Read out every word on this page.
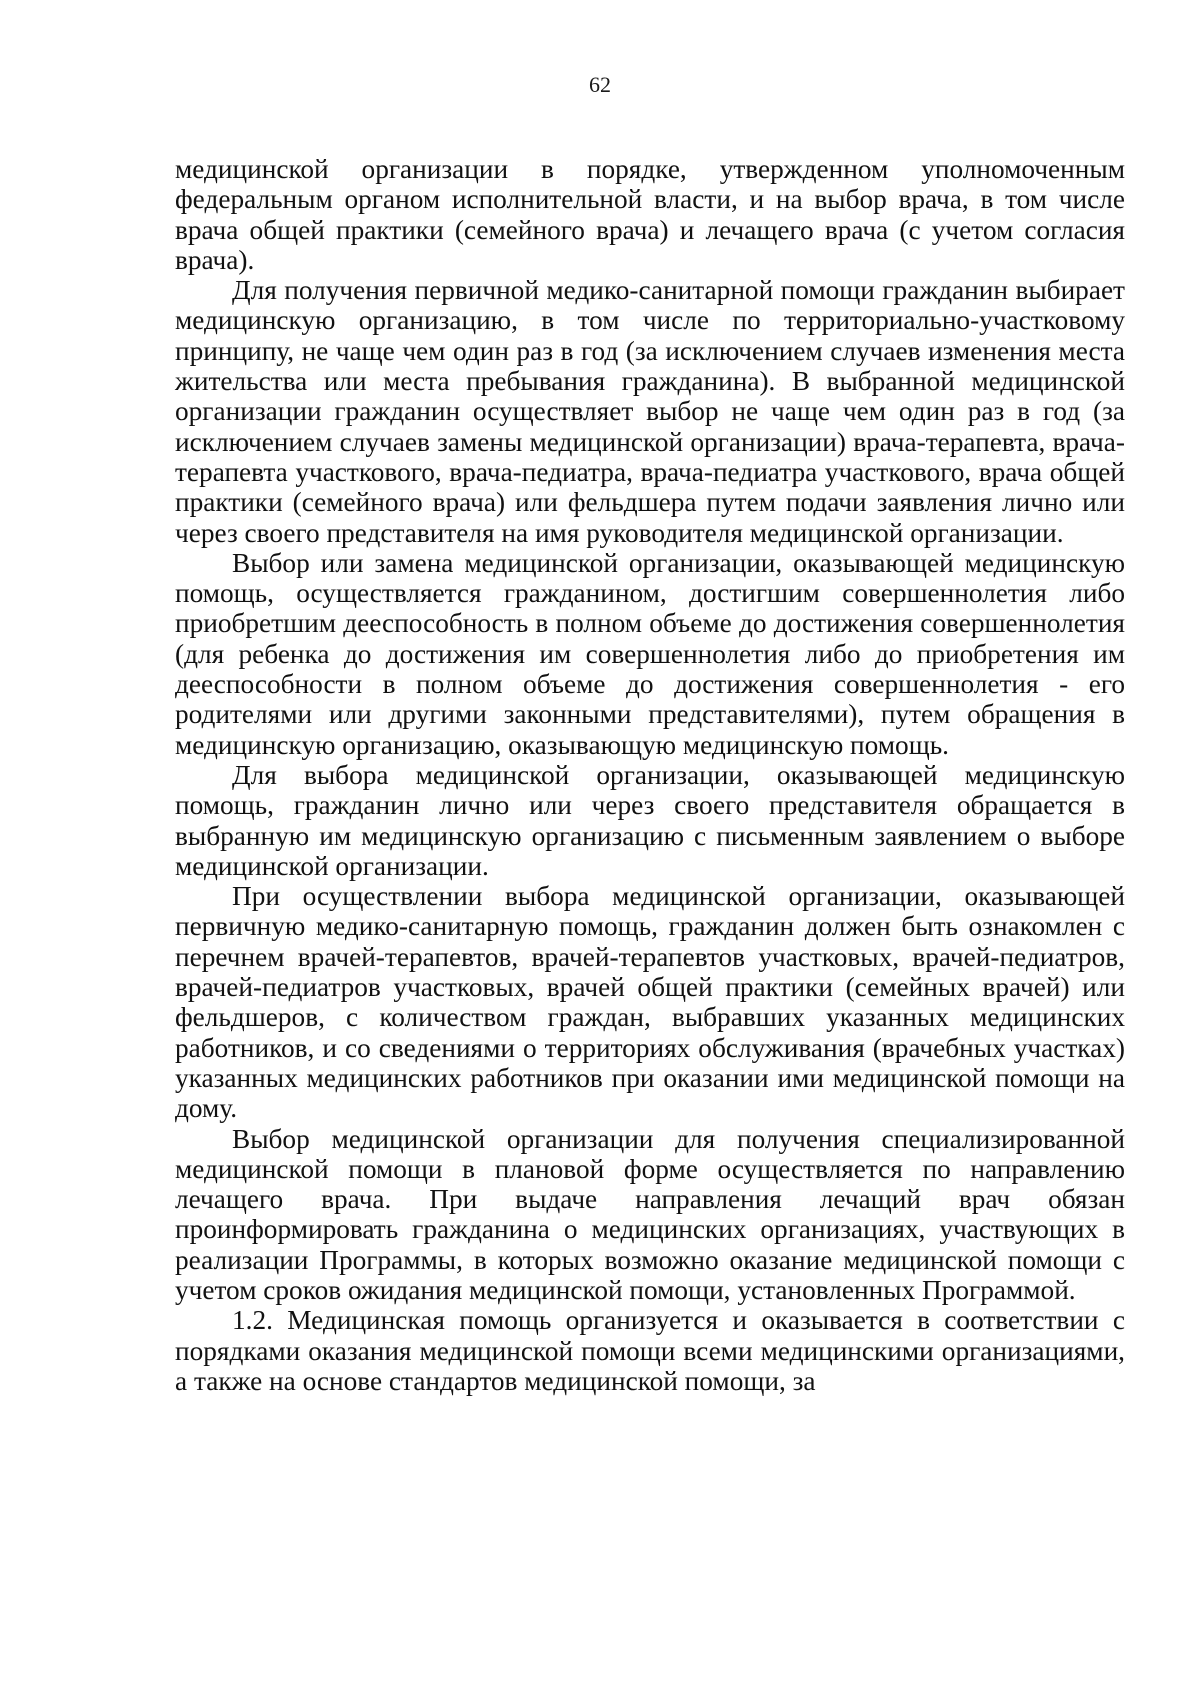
62

медицинской организации в порядке, утвержденном уполномоченным федеральным органом исполнительной власти, и на выбор врача, в том числе врача общей практики (семейного врача) и лечащего врача (с учетом согласия врача).

Для получения первичной медико-санитарной помощи гражданин выбирает медицинскую организацию, в том числе по территориально-участковому принципу, не чаще чем один раз в год (за исключением случаев изменения места жительства или места пребывания гражданина). В выбранной медицинской организации гражданин осуществляет выбор не чаще чем один раз в год (за исключением случаев замены медицинской организации) врача-терапевта, врача-терапевта участкового, врача-педиатра, врача-педиатра участкового, врача общей практики (семейного врача) или фельдшера путем подачи заявления лично или через своего представителя на имя руководителя медицинской организации.

Выбор или замена медицинской организации, оказывающей медицинскую помощь, осуществляется гражданином, достигшим совершеннолетия либо приобретшим дееспособность в полном объеме до достижения совершеннолетия (для ребенка до достижения им совершеннолетия либо до приобретения им дееспособности в полном объеме до достижения совершеннолетия - его родителями или другими законными представителями), путем обращения в медицинскую организацию, оказывающую медицинскую помощь.

Для выбора медицинской организации, оказывающей медицинскую помощь, гражданин лично или через своего представителя обращается в выбранную им медицинскую организацию с письменным заявлением о выборе медицинской организации.

При осуществлении выбора медицинской организации, оказывающей первичную медико-санитарную помощь, гражданин должен быть ознакомлен с перечнем врачей-терапевтов, врачей-терапевтов участковых, врачей-педиатров, врачей-педиатров участковых, врачей общей практики (семейных врачей) или фельдшеров, с количеством граждан, выбравших указанных медицинских работников, и со сведениями о территориях обслуживания (врачебных участках) указанных медицинских работников при оказании ими медицинской помощи на дому.

Выбор медицинской организации для получения специализированной медицинской помощи в плановой форме осуществляется по направлению лечащего врача. При выдаче направления лечащий врач обязан проинформировать гражданина о медицинских организациях, участвующих в реализации Программы, в которых возможно оказание медицинской помощи с учетом сроков ожидания медицинской помощи, установленных Программой.

1.2. Медицинская помощь организуется и оказывается в соответствии с порядками оказания медицинской помощи всеми медицинскими организациями, а также на основе стандартов медицинской помощи, за
